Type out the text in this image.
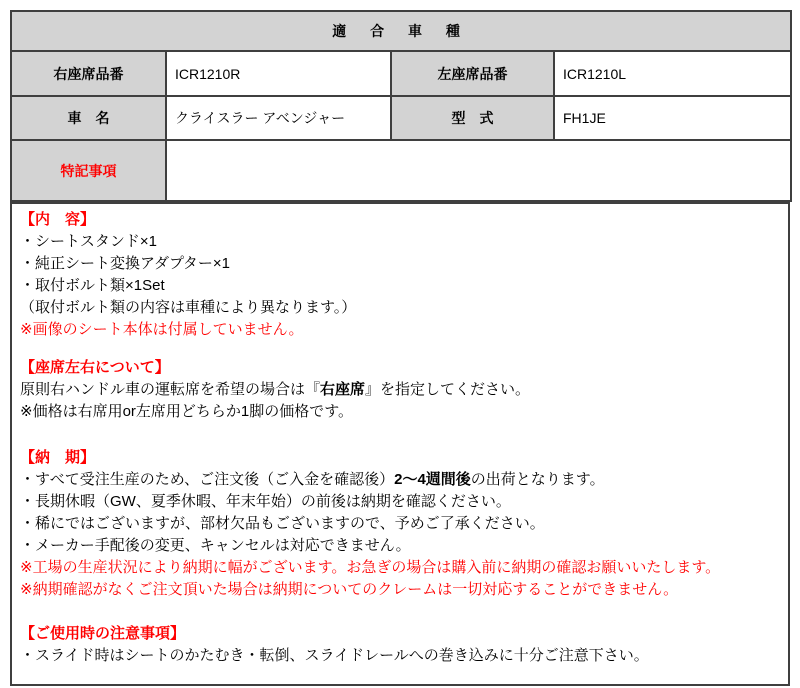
適 合 車 種			
右座席品番	ICR1210R	左座席品番	ICR1210L
車　名	クライスラー アベンジャー	型　式	FH1JE
特記事項			
【内　容】
・シートスタンド×1
・純正シート変換アダプター×1
・取付ボルト類×1Set
（取付ボルト類の内容は車種により異なります。）
※画像のシート本体は付属していません。
【座席左右について】
原則右ハンドル車の運転席を希望の場合は『右座席』を指定してください。
※価格は右席用or左席用どちらか1脚の価格です。
【納　期】
・すべて受注生産のため、ご注文後（ご入金を確認後）2～4週間後の出荷となります。
・長期休暇（GW、夏季休暇、年末年始）の前後は納期を確認ください。
・稀にではございますが、部材欠品もございますので、予めご了承ください。
・メーカー手配後の変更、キャンセルは対応できません。
※工場の生産状況により納期に幅がございます。お急ぎの場合は購入前に納期の確認お願いいたします。
※納期確認がなくご注文頂いた場合は納期についてのクレームは一切対応することができません。
【ご使用時の注意事項】
・スライド時はシートのかたむき・転倒、スライドレールへの巻き込みに十分ご注意下さい。
